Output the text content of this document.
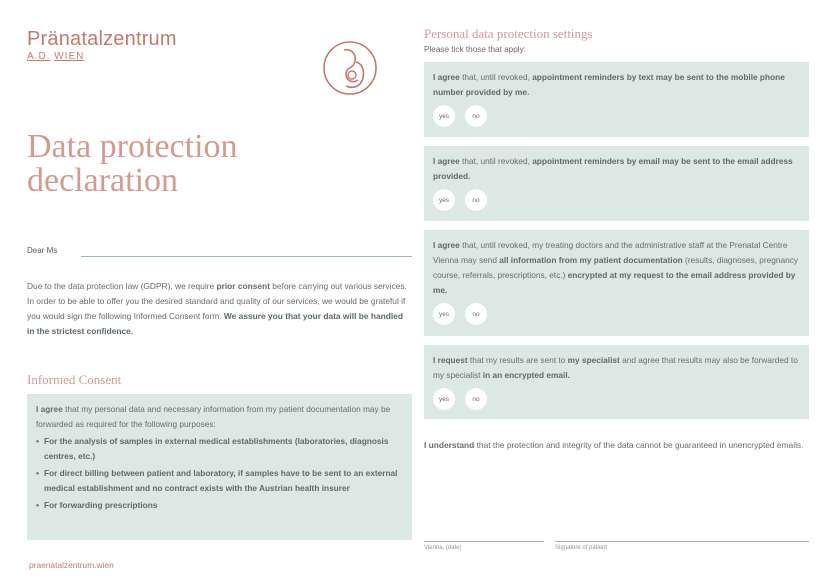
Pränatalzentrum
A.D. WIEN
Data protection
declaration
Dear Ms
Due to the data protection law (GDPR), we require prior consent before carrying out various services. In order to be able to offer you the desired standard and quality of our services, we would be grateful if you would sign the following Informed Consent form. We assure you that your data will be handled in the strictest confidence.
Informed Consent
I agree that my personal data and necessary information from my patient documentation may be forwarded as required for the following purposes:
• For the analysis of samples in external medical establishments (laboratories, diagnosis centres, etc.)
• For direct billing between patient and laboratory, if samples have to be sent to an external medical establishment and no contract exists with the Austrian health insurer
• For forwarding prescriptions
praenatalzentrum.wien
Personal data protection settings
Please tick those that apply:

I agree that, until revoked, appointment reminders by text may be sent to the mobile phone number provided by me.

yes	no

I agree that, until revoked, appointment reminders by email may be sent to the email address provided.

yes	no

I agree that, until revoked, my treating doctors and the administrative staff at the Prenatal Centre Vienna may send all information from my patient documentation (results, diagnoses, pregnancy course, referrals, prescriptions, etc.) encrypted at my request to the email address provided by me.

yes	no

I request that my results are sent to my specialist and agree that results may also be forwarded to my specialist in an encrypted email.

yes	no
I understand that the protection and integrity of the data cannot be guaranteed in unencrypted emails.
Vienna, (date)	Signature of patient
